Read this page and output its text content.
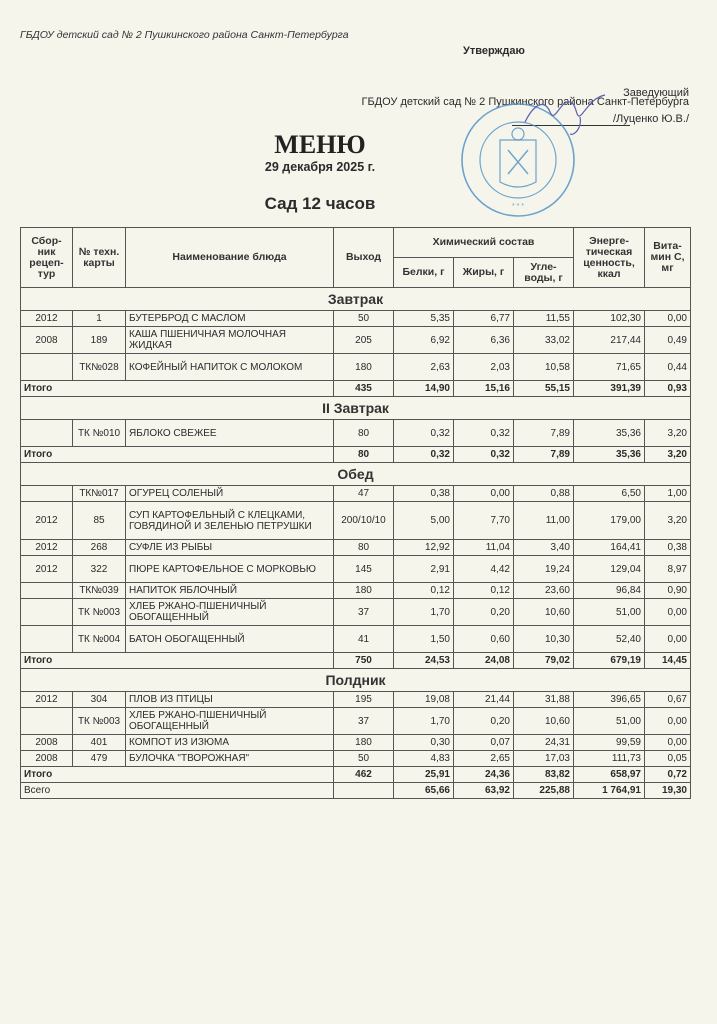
ГБДОУ детский сад № 2 Пушкинского района Санкт-Петербурга
Утверждаю
Заведующий
ГБДОУ детский сад № 2 Пушкинского района Санкт-Петербурга
/Луценко Ю.В./
* * *
МЕНЮ
29 декабря 2025 г.
Сад 12 часов
Сбор-ник рецеп-тур	№ техн. карты	Наименование блюда	Выход	Химический состав			Энерге-тическая ценность, ккал	Вита-мин С, мг
				Белки, г	Жиры, г	Угле-воды, г		
Завтрак								
2012	1	БУТЕРБРОД С МАСЛОМ	50	5,35	6,77	11,55	102,30	0,00
2008	189	КАША ПШЕНИЧНАЯ МОЛОЧНАЯ ЖИДКАЯ	205	6,92	6,36	33,02	217,44	0,49
	ТК№028	КОФЕЙНЫЙ НАПИТОК С МОЛОКОМ	180	2,63	2,03	10,58	71,65	0,44
Итого			435	14,90	15,16	55,15	391,39	0,93
II Завтрак								
	ТК №010	ЯБЛОКО СВЕЖЕЕ	80	0,32	0,32	7,89	35,36	3,20
Итого			80	0,32	0,32	7,89	35,36	3,20
Обед								
	ТК№017	ОГУРЕЦ СОЛЕНЫЙ	47	0,38	0,00	0,88	6,50	1,00
2012	85	СУП КАРТОФЕЛЬНЫЙ С КЛЕЦКАМИ, ГОВЯДИНОЙ И ЗЕЛЕНЬЮ ПЕТРУШКИ	200/10/10	5,00	7,70	11,00	179,00	3,20
2012	268	СУФЛЕ ИЗ РЫБЫ	80	12,92	11,04	3,40	164,41	0,38
2012	322	ПЮРЕ КАРТОФЕЛЬНОЕ С МОРКОВЬЮ	145	2,91	4,42	19,24	129,04	8,97
	ТК№039	НАПИТОК ЯБЛОЧНЫЙ	180	0,12	0,12	23,60	96,84	0,90
	ТК №003	ХЛЕБ РЖАНО-ПШЕНИЧНЫЙ ОБОГАЩЕННЫЙ	37	1,70	0,20	10,60	51,00	0,00
	ТК №004	БАТОН ОБОГАЩЕННЫЙ	41	1,50	0,60	10,30	52,40	0,00
Итого			750	24,53	24,08	79,02	679,19	14,45
Полдник								
2012	304	ПЛОВ ИЗ ПТИЦЫ	195	19,08	21,44	31,88	396,65	0,67
	ТК №003	ХЛЕБ РЖАНО-ПШЕНИЧНЫЙ ОБОГАЩЕННЫЙ	37	1,70	0,20	10,60	51,00	0,00
2008	401	КОМПОТ ИЗ ИЗЮМА	180	0,30	0,07	24,31	99,59	0,00
2008	479	БУЛОЧКА "ТВОРОЖНАЯ"	50	4,83	2,65	17,03	111,73	0,05
Итого			462	25,91	24,36	83,82	658,97	0,72
Всего				65,66	63,92	225,88	1 764,91	19,30
